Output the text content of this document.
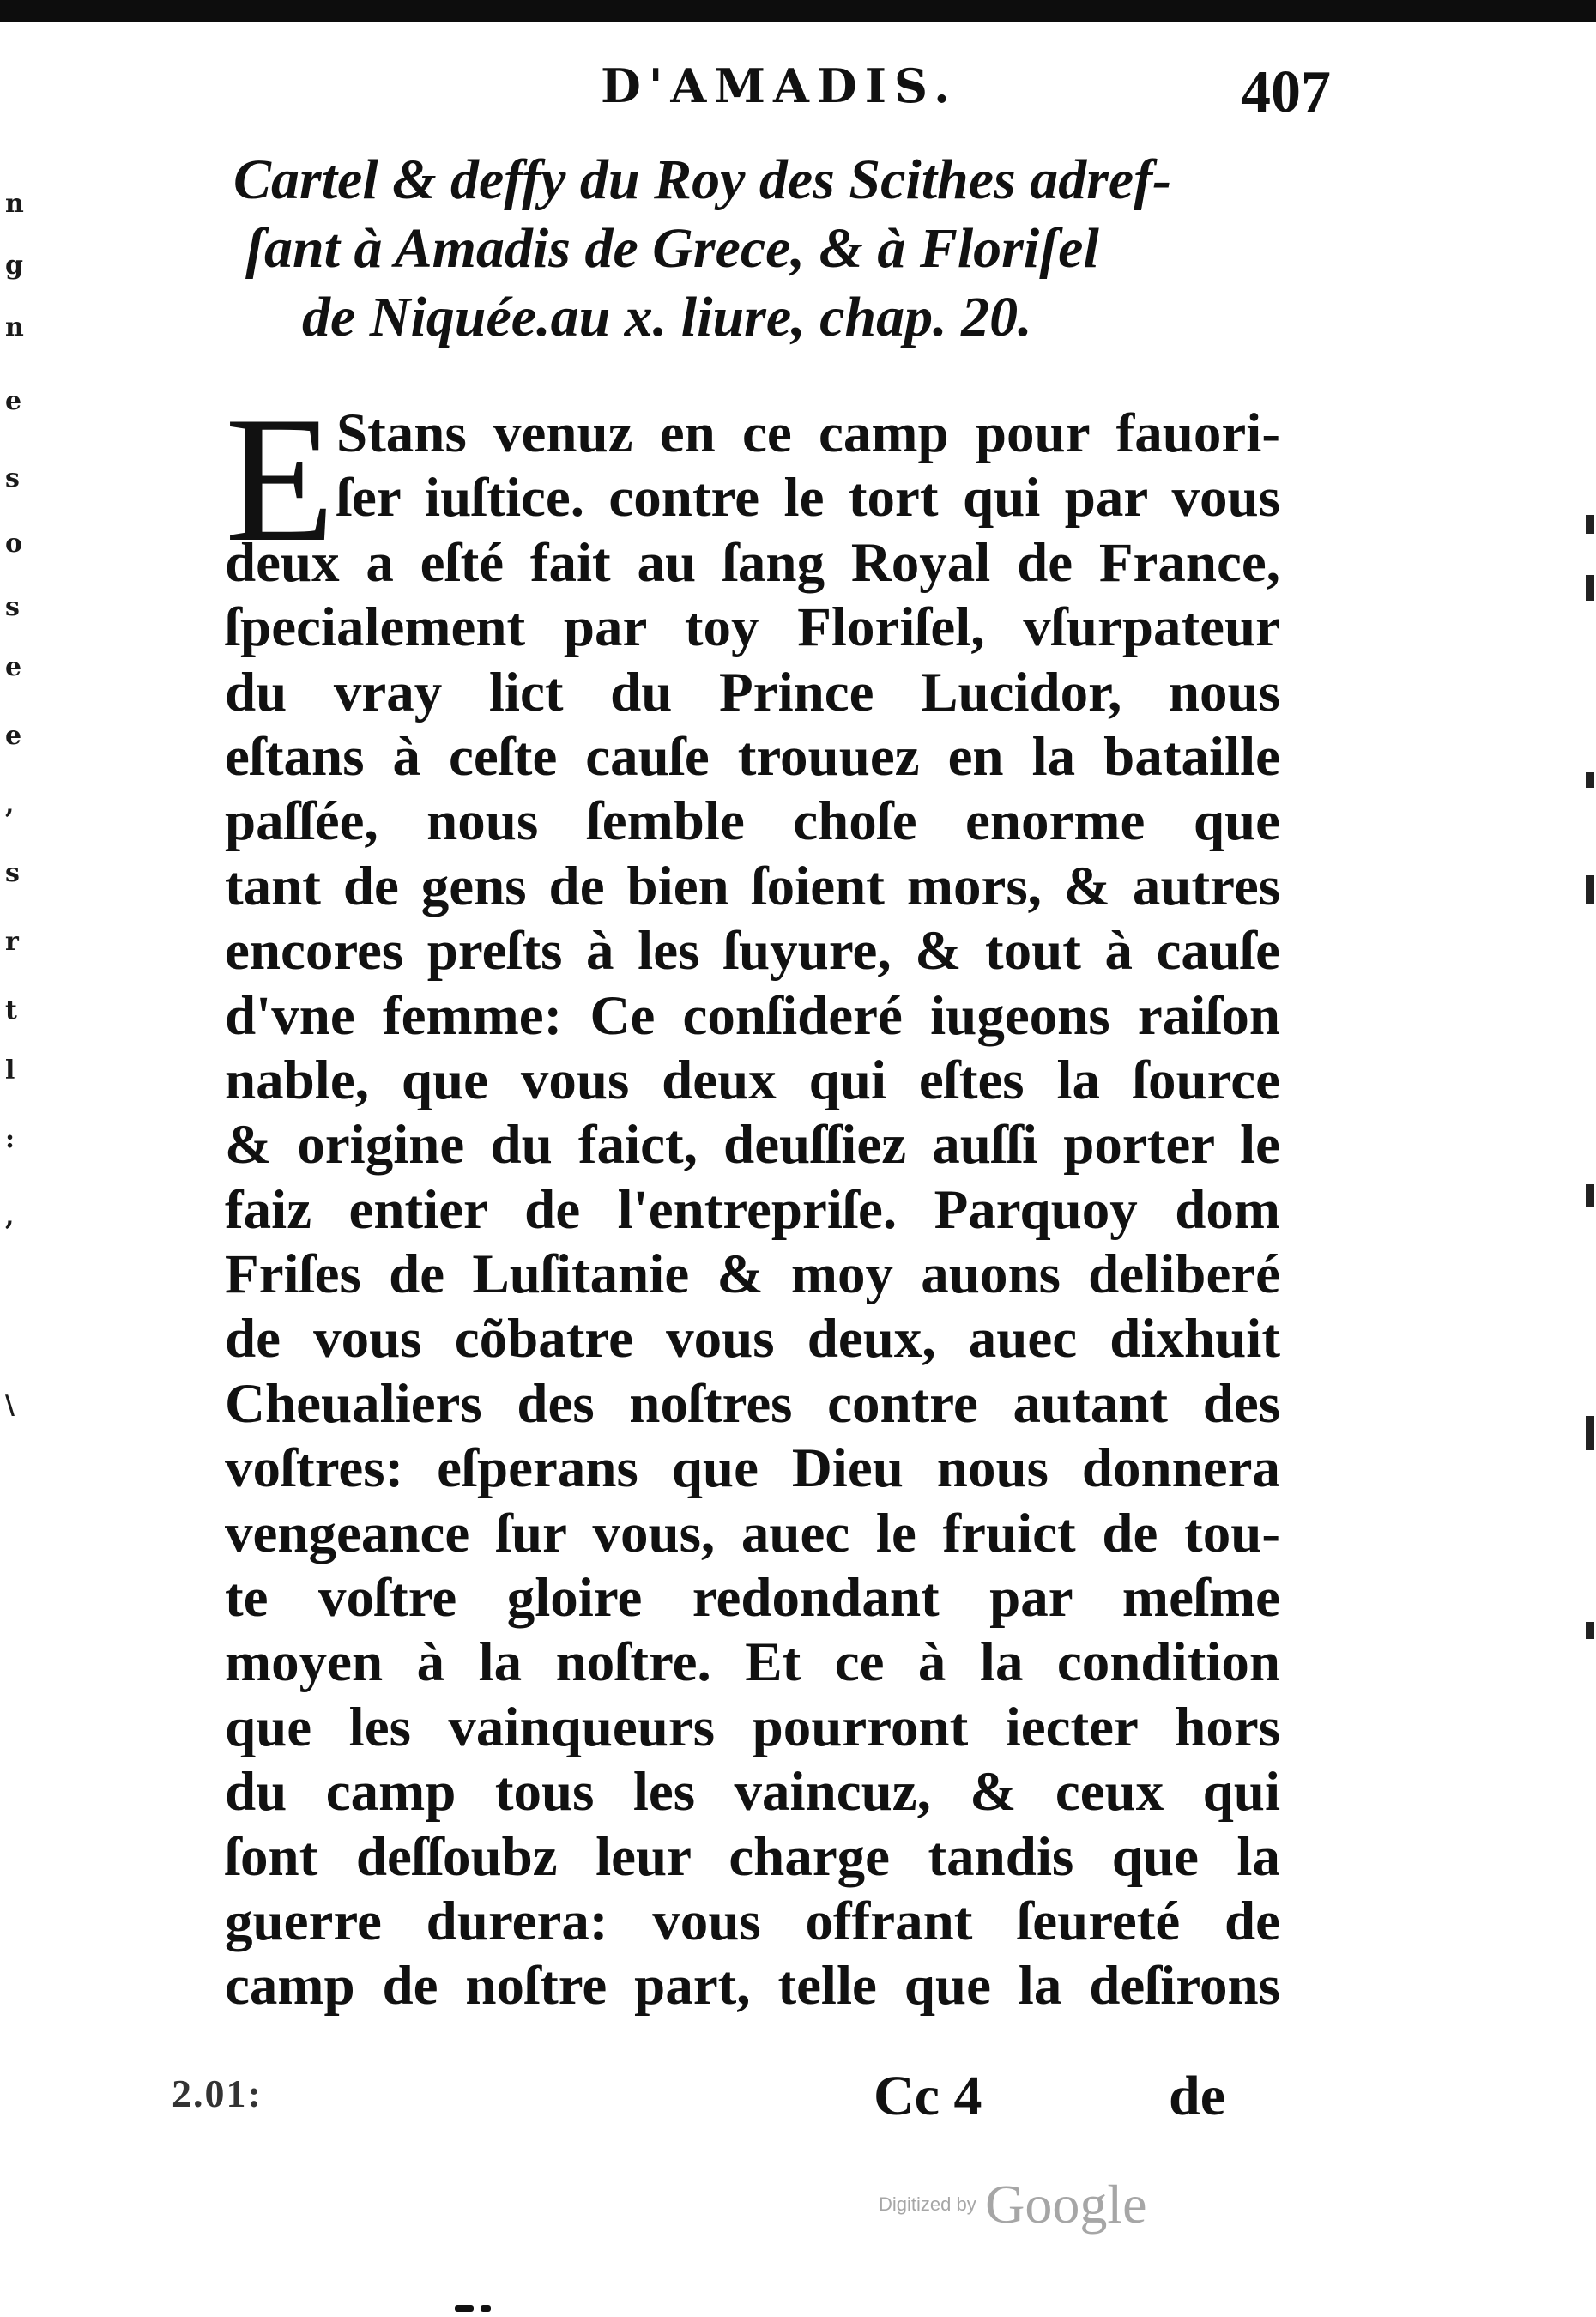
n
g
n
e
s
o
s
e
e
,
s
r
t
l
:
,
\
D'AMADIS.	407
Cartel & deffy du Roy des Scithes adref-
ſant à Amadis de Grece, & à Floriſel
de Niquée.au x. liure, chap. 20.
E Stans venuz en ce camp pour fauori-
ſer iuſtice. contre le tort qui par vous
deux a eſté fait au ſang Royal de France,
ſpecialement par toy Floriſel, vſurpateur
du vray lict du Prince Lucidor, nous
eſtans à ceſte cauſe trouuez en la bataille
paſſée, nous ſemble choſe enorme que
tant de gens de bien ſoient mors, & autres
encores preſts à les ſuyure, & tout à cauſe
d'vne femme: Ce conſideré iugeons raiſon
nable, que vous deux qui eſtes la ſource
& origine du faict, deuſſiez auſſi porter le
faiz entier de l'entrepriſe. Parquoy dom
Friſes de Luſitanie & moy auons deliberé
de vous cõbatre vous deux, auec dixhuit
Cheualiers des noſtres contre autant des
voſtres: eſperans que Dieu nous donnera
vengeance ſur vous, auec le fruict de tou-
te voſtre gloire redondant par meſme
moyen à la noſtre. Et ce à la condition
que les vainqueurs pourront iecter hors
du camp tous les vaincuz, & ceux qui
ſont deſſoubz leur charge tandis que la
guerre durera: vous offrant ſeureté de
camp de noſtre part, telle que la deſirons
2.01:	Cc 4	de
Digitized by Google
